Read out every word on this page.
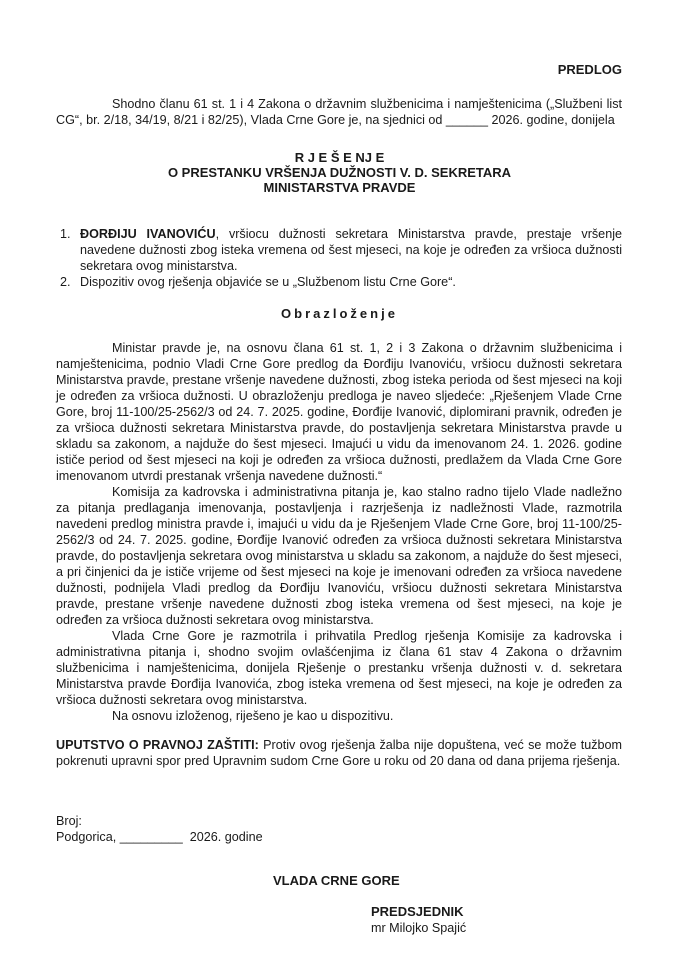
PREDLOG
Shodno članu 61 st. 1 i 4 Zakona o državnim službenicima i namještenicima („Službeni list CG“, br. 2/18, 34/19, 8/21 i 82/25), Vlada Crne Gore je, na sjednici od ______ 2026. godine, donijela
R J E Š E NJ E
O PRESTANKU VRŠENJA DUŽNOSTI V. D. SEKRETARA
MINISTARSTVA PRAVDE
1. ĐORĐIJU IVANOVIĆU, vršiocu dužnosti sekretara Ministarstva pravde, prestaje vršenje navedene dužnosti zbog isteka vremena od šest mjeseci, na koje je određen za vršioca dužnosti sekretara ovog ministarstva.
2. Dispozitiv ovog rješenja objaviće se u „Službenom listu Crne Gore“.
Obrazloženje

Ministar pravde je, na osnovu člana 61 st. 1, 2 i 3 Zakona o državnim službenicima i namještenicima, podnio Vladi Crne Gore predlog da Đorđiju Ivanoviću, vršiocu dužnosti sekretara Ministarstva pravde, prestane vršenje navedene dužnosti, zbog isteka perioda od šest mjeseci na koji je određen za vršioca dužnosti. U obrazloženju predloga je naveo sljedeće: „Rješenjem Vlade Crne Gore, broj 11-100/25-2562/3 od 24. 7. 2025. godine, Đorđije Ivanović, diplomirani pravnik, određen je za vršioca dužnosti sekretara Ministarstva pravde, do postavljenja sekretara Ministarstva pravde u skladu sa zakonom, a najduže do šest mjeseci. Imajući u vidu da imenovanom 24. 1. 2026. godine ističe period od šest mjeseci na koji je određen za vršioca dužnosti, predlažem da Vlada Crne Gore imenovanom utvrdi prestanak vršenja navedene dužnosti.“

Komisija za kadrovska i administrativna pitanja je, kao stalno radno tijelo Vlade nadležno za pitanja predlaganja imenovanja, postavljenja i razrješenja iz nadležnosti Vlade, razmotrila navedeni predlog ministra pravde i, imajući u vidu da je Rješenjem Vlade Crne Gore, broj 11-100/25-2562/3 od 24. 7. 2025. godine, Đorđije Ivanović određen za vršioca dužnosti sekretara Ministarstva pravde, do postavljenja sekretara ovog ministarstva u skladu sa zakonom, a najduže do šest mjeseci, a pri činjenici da je ističe vrijeme od šest mjeseci na koje je imenovani određen za vršioca navedene dužnosti, podnijela Vladi predlog da Đorđiju Ivanoviću, vršiocu dužnosti sekretara Ministarstva pravde, prestane vršenje navedene dužnosti zbog isteka vremena od šest mjeseci, na koje je određen za vršioca dužnosti sekretara ovog ministarstva.

Vlada Crne Gore je razmotrila i prihvatila Predlog rješenja Komisije za kadrovska i administrativna pitanja i, shodno svojim ovlašćenjima iz člana 61 stav 4 Zakona o državnim službenicima i namještenicima, donijela Rješenje o prestanku vršenja dužnosti v. d. sekretara Ministarstva pravde Đorđija Ivanovića, zbog isteka vremena od šest mjeseci, na koje je određen za vršioca dužnosti sekretara ovog ministarstva.

Na osnovu izloženog, riješeno je kao u dispozitivu.

UPUTSTVO O PRAVNOJ ZAŠTITI: Protiv ovog rješenja žalba nije dopuštena, već se može tužbom pokrenuti upravni spor pred Upravnim sudom Crne Gore u roku od 20 dana od dana prijema rješenja.
Broj:
Podgorica, _________  2026. godine
VLADA CRNE GORE
PREDSJEDNIK
mr Milojko Spajić
